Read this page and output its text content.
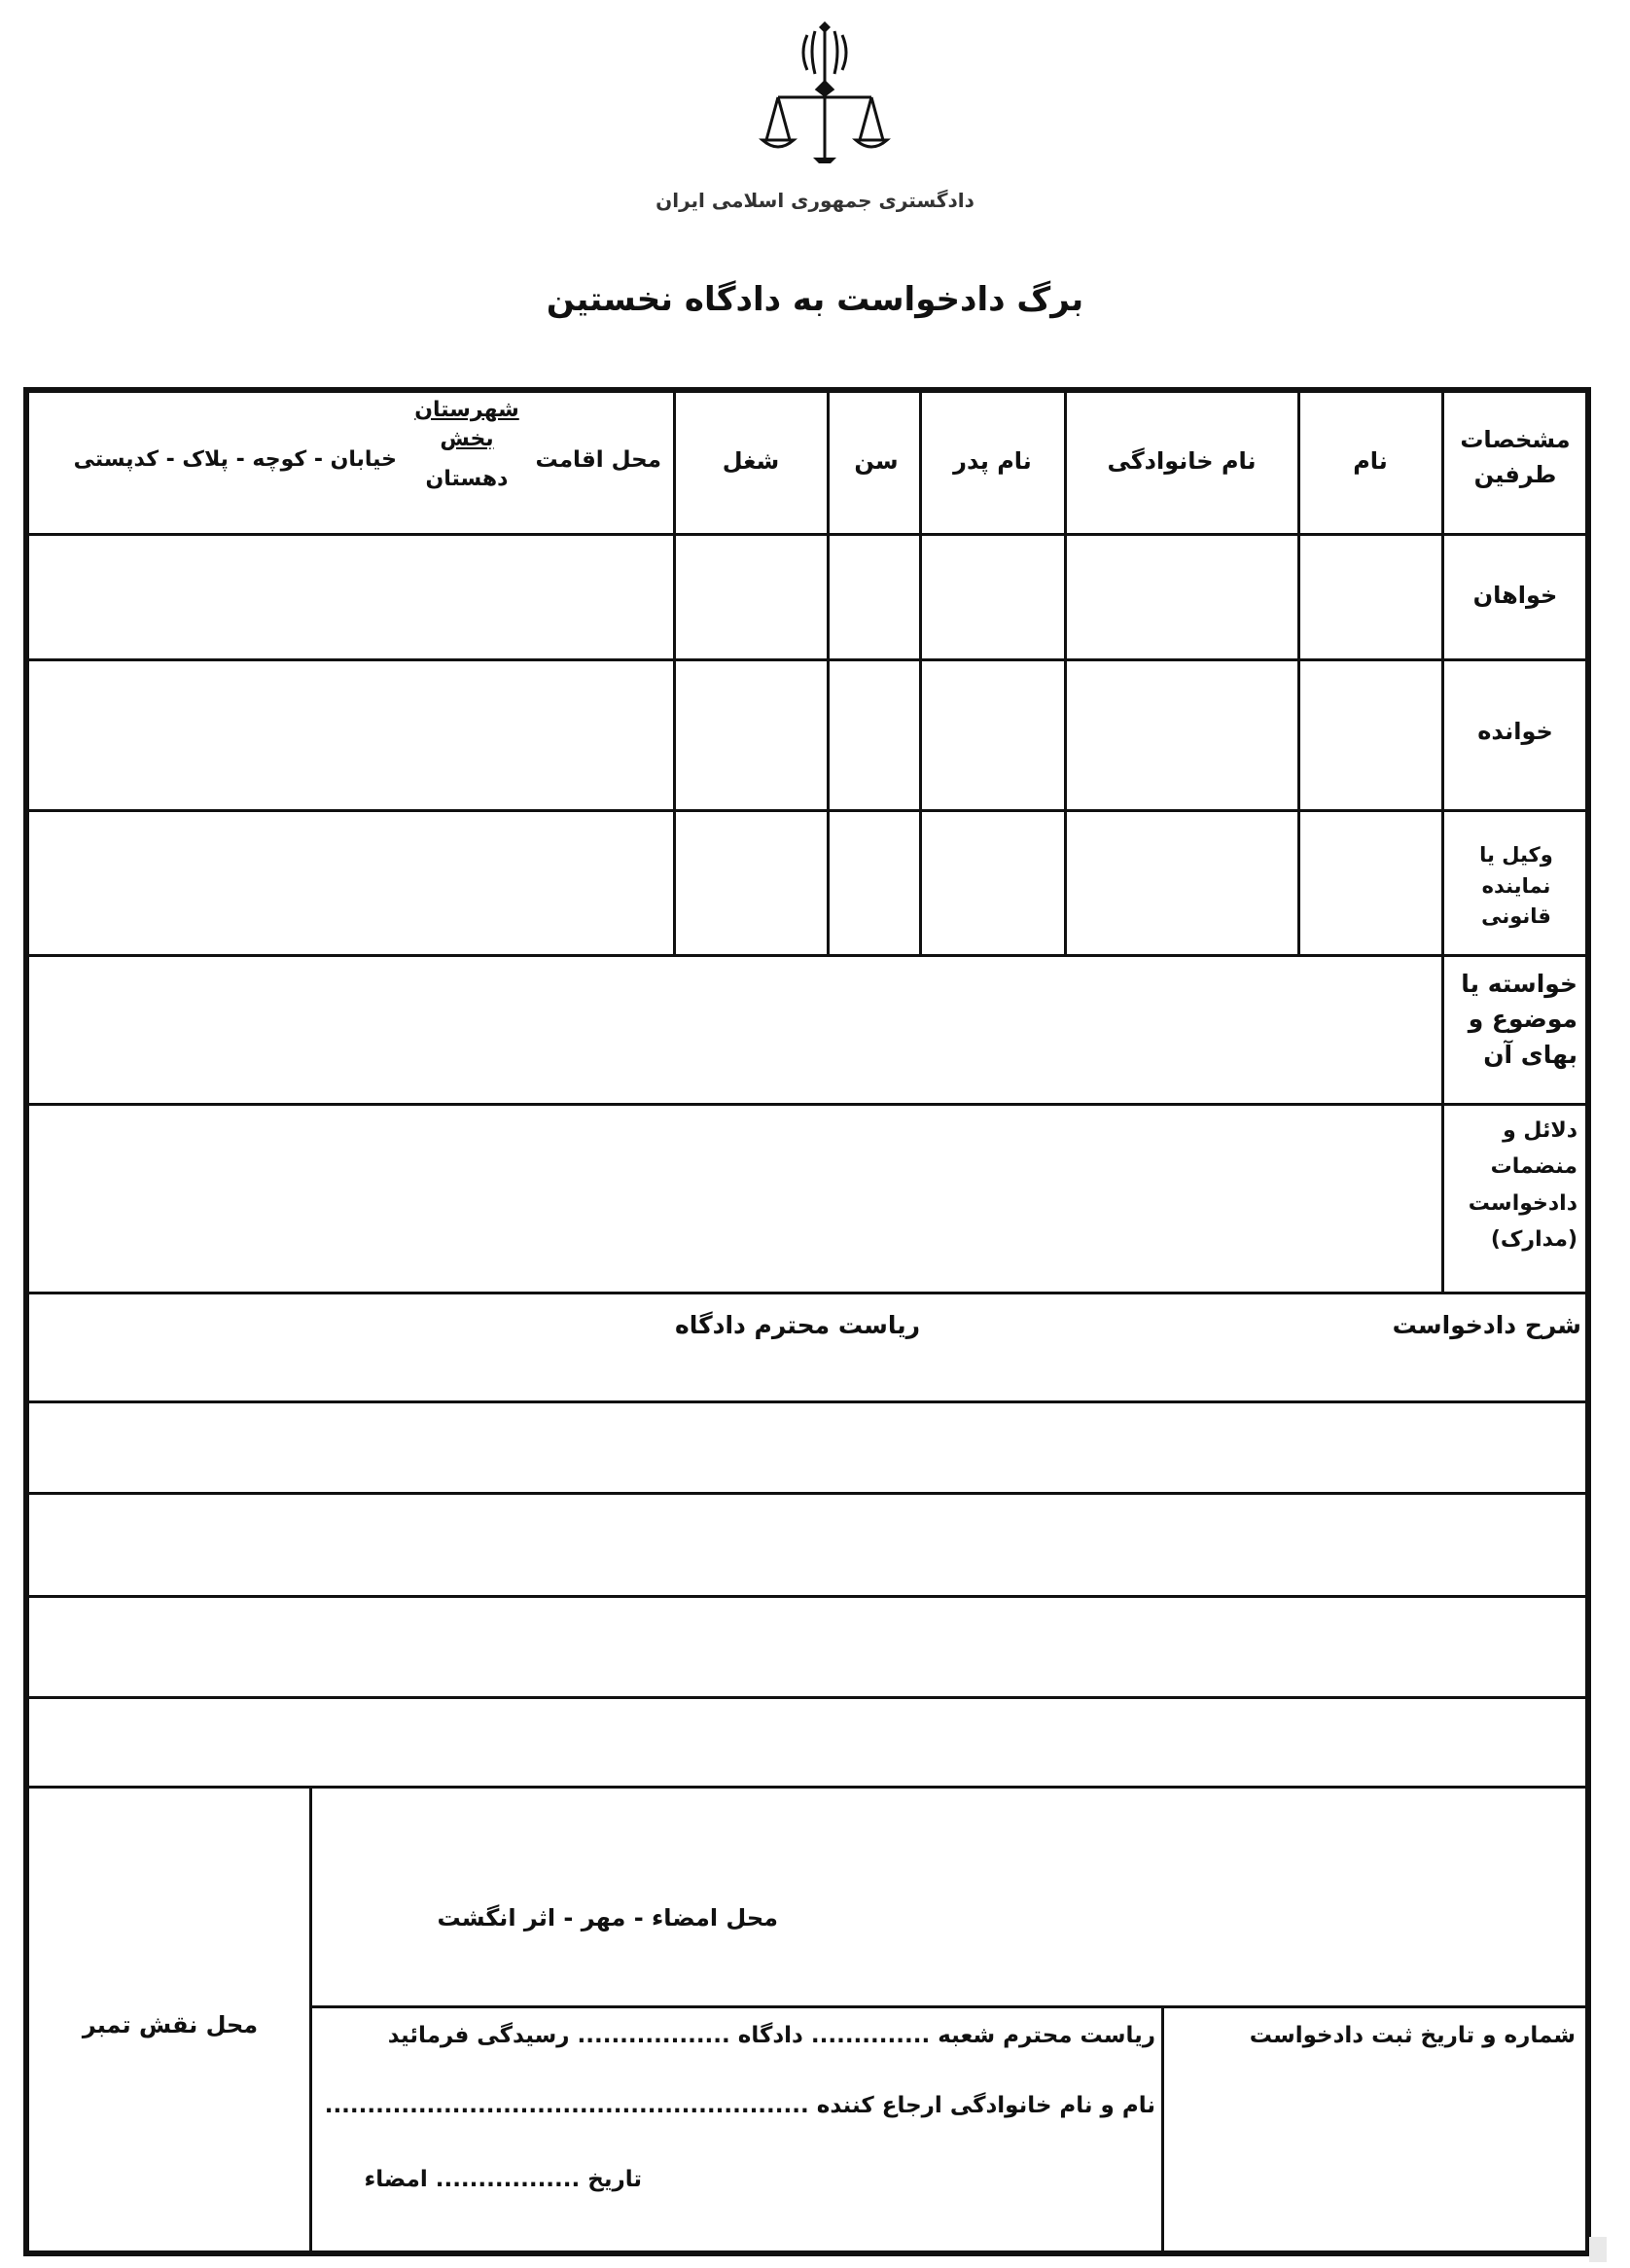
دادگستری جمهوری اسلامی ایران
برگ دادخواست به دادگاه نخستین
مشخصات طرفین
نام
نام خانوادگی
نام پدر
سن
شغل
محل اقامت
شهرستان
بخش
دهستان
خیابان - کوچه - پلاک - کدپستی
خواهان
خوانده
وکیل یا نماینده قانونی
خواسته یا موضوع و بهای آن
دلائل و منضمات دادخواست (مدارک)
شرح دادخواست
ریاست محترم دادگاه
محل نقش تمبر
محل امضاء - مهر - اثر انگشت
شماره و تاریخ ثبت دادخواست
ریاست محترم شعبه .............. دادگاه .................. رسیدگی فرمائید
نام و نام خانوادگی ارجاع کننده .........................................................
تاریخ ................. امضاء
